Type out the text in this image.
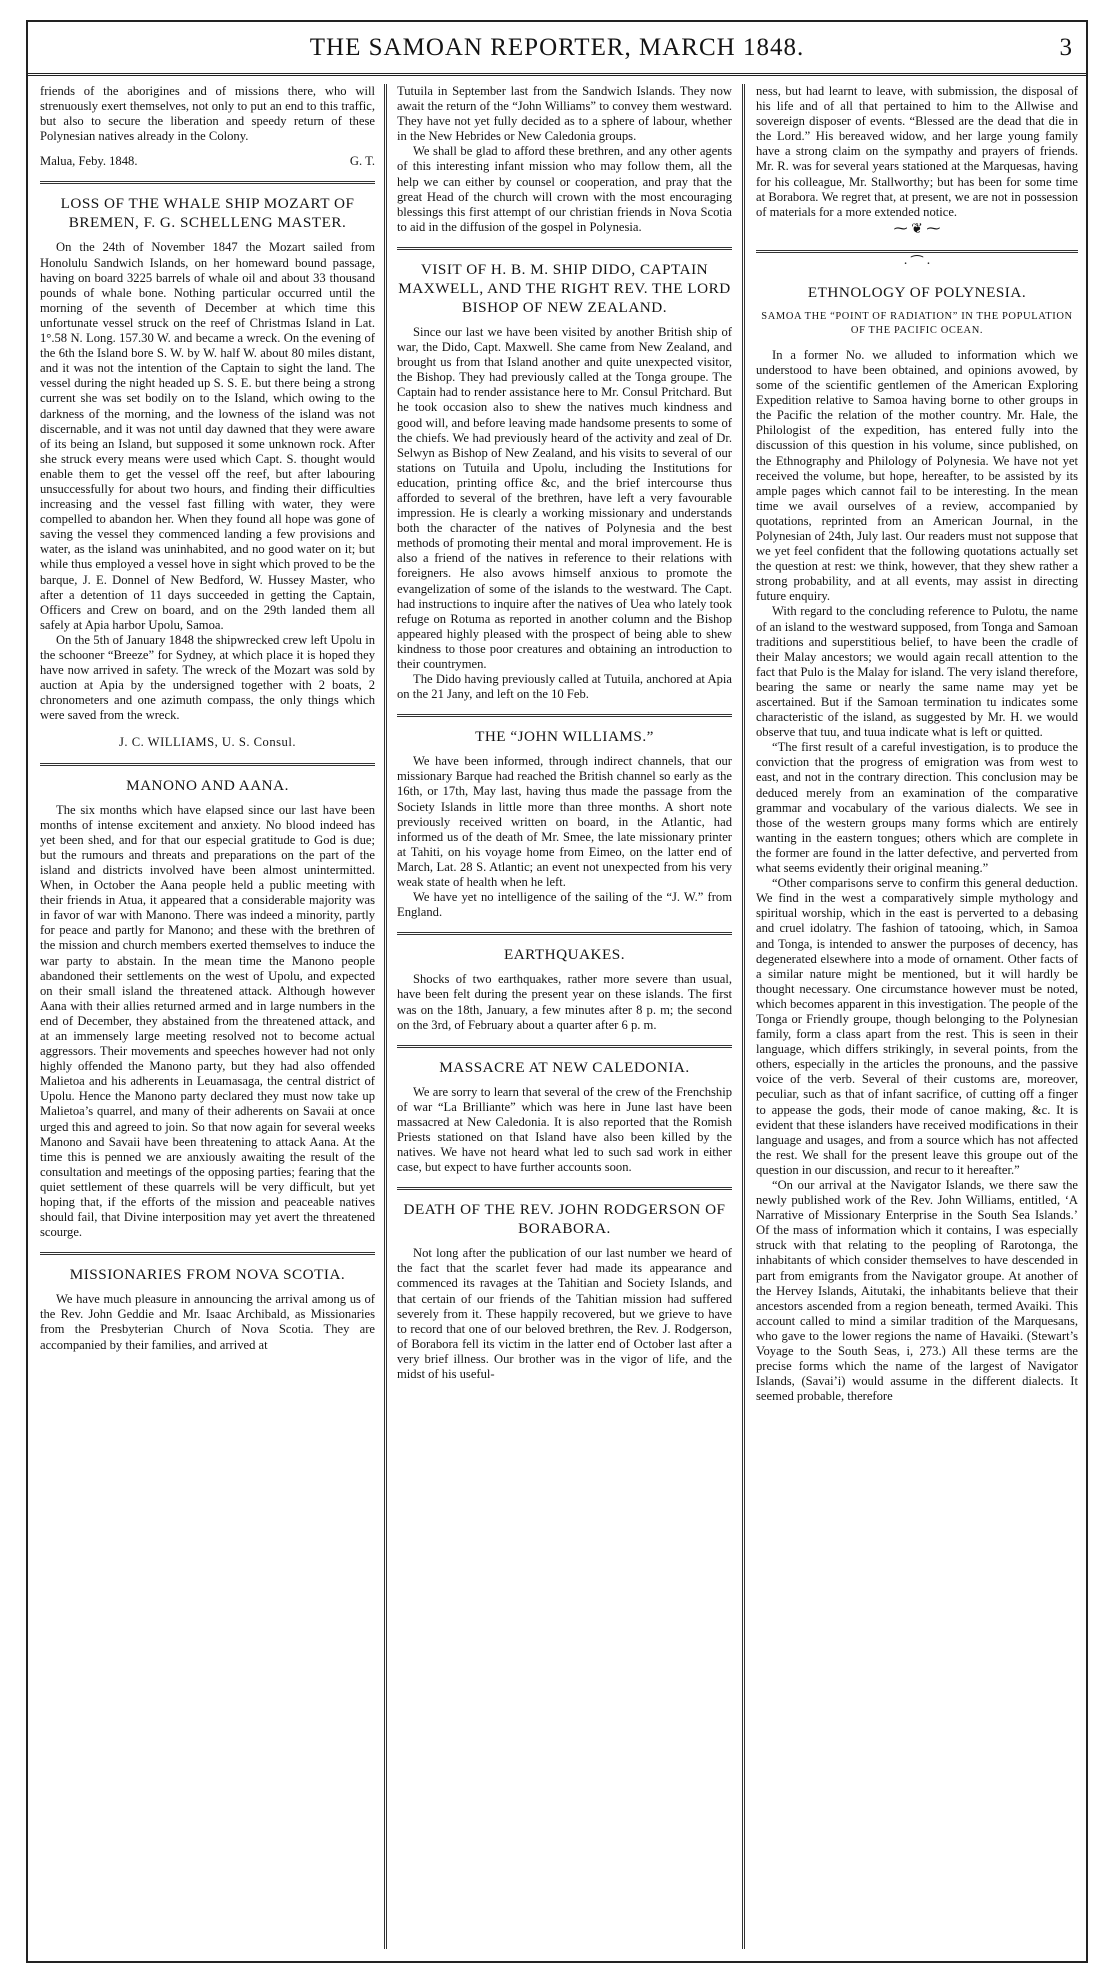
THE SAMOAN REPORTER, MARCH 1848.	3

friends of the aborigines and of missions there, who will strenuously exert themselves, not only to put an end to this traffic, but also to secure the liberation and speedy return of these Polynesian natives already in the Colony.

Malua, Feby. 1848.	G. T.
LOSS OF THE WHALE SHIP MOZART OF BREMEN, F. G. SCHELLENG MASTER.

On the 24th of November 1847 the Mozart sailed from Honolulu Sandwich Islands, on her homeward bound passage, having on board 3225 barrels of whale oil and about 33 thousand pounds of whale bone. Nothing particular occurred until the morning of the seventh of December at which time this unfortunate vessel struck on the reef of Christmas Island in Lat. 1°.58 N. Long. 157.30 W. and became a wreck. On the evening of the 6th the Island bore S. W. by W. half W. about 80 miles distant, and it was not the intention of the Captain to sight the land. The vessel during the night headed up S. S. E. but there being a strong current she was set bodily on to the Island, which owing to the darkness of the morning, and the lowness of the island was not discernable, and it was not until day dawned that they were aware of its being an Island, but supposed it some unknown rock. After she struck every means were used which Capt. S. thought would enable them to get the vessel off the reef, but after labouring unsuccessfully for about two hours, and finding their difficulties increasing and the vessel fast filling with water, they were compelled to abandon her. When they found all hope was gone of saving the vessel they commenced landing a few provisions and water, as the island was uninhabited, and no good water on it; but while thus employed a vessel hove in sight which proved to be the barque, J. E. Donnel of New Bedford, W. Hussey Master, who after a detention of 11 days succeeded in getting the Captain, Officers and Crew on board, and on the 29th landed them all safely at Apia harbor Upolu, Samoa.

On the 5th of January 1848 the shipwrecked crew left Upolu in the schooner “Breeze” for Sydney, at which place it is hoped they have now arrived in safety. The wreck of the Mozart was sold by auction at Apia by the undersigned together with 2 boats, 2 chronometers and one azimuth compass, the only things which were saved from the wreck.

J. C. WILLIAMS, U. S. Consul.

MANONO AND AANA.

The six months which have elapsed since our last have been months of intense excitement and anxiety. No blood indeed has yet been shed, and for that our especial gratitude to God is due; but the rumours and threats and preparations on the part of the island and districts involved have been almost unintermitted. When, in October the Aana people held a public meeting with their friends in Atua, it appeared that a considerable majority was in favor of war with Manono. There was indeed a minority, partly for peace and partly for Manono; and these with the brethren of the mission and church members exerted themselves to induce the war party to abstain. In the mean time the Manono people abandoned their settlements on the west of Upolu, and expected on their small island the threatened attack. Although however Aana with their allies returned armed and in large numbers in the end of December, they abstained from the threatened attack, and at an immensely large meeting resolved not to become actual aggressors. Their movements and speeches however had not only highly offended the Manono party, but they had also offended Malietoa and his adherents in Leuamasaga, the central district of Upolu. Hence the Manono party declared they must now take up Malietoa’s quarrel, and many of their adherents on Savaii at once urged this and agreed to join. So that now again for several weeks Manono and Savaii have been threatening to attack Aana. At the time this is penned we are anxiously awaiting the result of the consultation and meetings of the opposing parties; fearing that the quiet settlement of these quarrels will be very difficult, but yet hoping that, if the efforts of the mission and peaceable natives should fail, that Divine interposition may yet avert the threatened scourge.

MISSIONARIES FROM NOVA SCOTIA.

We have much pleasure in announcing the arrival among us of the Rev. John Geddie and Mr. Isaac Archibald, as Missionaries from the Presbyterian Church of Nova Scotia. They are accompanied by their families, and arrived at

Tutuila in September last from the Sandwich Islands. They now await the return of the “John Williams” to convey them westward. They have not yet fully decided as to a sphere of labour, whether in the New Hebrides or New Caledonia groups.

We shall be glad to afford these brethren, and any other agents of this interesting infant mission who may follow them, all the help we can either by counsel or cooperation, and pray that the great Head of the church will crown with the most encouraging blessings this first attempt of our christian friends in Nova Scotia to aid in the diffusion of the gospel in Polynesia.

VISIT OF H. B. M. SHIP DIDO, CAPTAIN MAXWELL, AND THE RIGHT REV. THE LORD BISHOP OF NEW ZEALAND.

Since our last we have been visited by another British ship of war, the Dido, Capt. Maxwell. She came from New Zealand, and brought us from that Island another and quite unexpected visitor, the Bishop. They had previously called at the Tonga groupe. The Captain had to render assistance here to Mr. Consul Pritchard. But he took occasion also to shew the natives much kindness and good will, and before leaving made handsome presents to some of the chiefs. We had previously heard of the activity and zeal of Dr. Selwyn as Bishop of New Zealand, and his visits to several of our stations on Tutuila and Upolu, including the Institutions for education, printing office &c, and the brief intercourse thus afforded to several of the brethren, have left a very favourable impression. He is clearly a working missionary and understands both the character of the natives of Polynesia and the best methods of promoting their mental and moral improvement. He is also a friend of the natives in reference to their relations with foreigners. He also avows himself anxious to promote the evangelization of some of the islands to the westward. The Capt. had instructions to inquire after the natives of Uea who lately took refuge on Rotuma as reported in another column and the Bishop appeared highly pleased with the prospect of being able to shew kindness to those poor creatures and obtaining an introduction to their countrymen.

The Dido having previously called at Tutuila, anchored at Apia on the 21 Jany, and left on the 10 Feb.

THE “JOHN WILLIAMS.”

We have been informed, through indirect channels, that our missionary Barque had reached the British channel so early as the 16th, or 17th, May last, having thus made the passage from the Society Islands in little more than three months. A short note previously received written on board, in the Atlantic, had informed us of the death of Mr. Smee, the late missionary printer at Tahiti, on his voyage home from Eimeo, on the latter end of March, Lat. 28 S. Atlantic; an event not unexpected from his very weak state of health when he left.

We have yet no intelligence of the sailing of the “J. W.” from England.

EARTHQUAKES.

Shocks of two earthquakes, rather more severe than usual, have been felt during the present year on these islands. The first was on the 18th, January, a few minutes after 8 p. m; the second on the 3rd, of February about a quarter after 6 p. m.

MASSACRE AT NEW CALEDONIA.

We are sorry to learn that several of the crew of the Frenchship of war “La Brilliante” which was here in June last have been massacred at New Caledonia. It is also reported that the Romish Priests stationed on that Island have also been killed by the natives. We have not heard what led to such sad work in either case, but expect to have further accounts soon.

DEATH OF THE REV. JOHN RODGERSON OF BORABORA.

Not long after the publication of our last number we heard of the fact that the scarlet fever had made its appearance and commenced its ravages at the Tahitian and Society Islands, and that certain of our friends of the Tahitian mission had suffered severely from it. These happily recovered, but we grieve to have to record that one of our beloved brethren, the Rev. J. Rodgerson, of Borabora fell its victim in the latter end of October last after a very brief illness. Our brother was in the vigor of life, and the midst of his useful-

ness, but had learnt to leave, with submission, the disposal of his life and of all that pertained to him to the Allwise and sovereign disposer of events. “Blessed are the dead that die in the Lord.” His bereaved widow, and her large young family have a strong claim on the sympathy and prayers of friends. Mr. R. was for several years stationed at the Marquesas, having for his colleague, Mr. Stallworthy; but has been for some time at Borabora. We regret that, at present, we are not in possession of materials for a more extended notice.

⁓ ❦ ⁓
· ⁀ ·
ETHNOLOGY OF POLYNESIA.
SAMOA THE “POINT OF RADIATION” IN THE POPULATION OF THE PACIFIC OCEAN.

In a former No. we alluded to information which we understood to have been obtained, and opinions avowed, by some of the scientific gentlemen of the American Exploring Expedition relative to Samoa having borne to other groups in the Pacific the relation of the mother country. Mr. Hale, the Philologist of the expedition, has entered fully into the discussion of this question in his volume, since published, on the Ethnography and Philology of Polynesia. We have not yet received the volume, but hope, hereafter, to be assisted by its ample pages which cannot fail to be interesting. In the mean time we avail ourselves of a review, accompanied by quotations, reprinted from an American Journal, in the Polynesian of 24th, July last. Our readers must not suppose that we yet feel confident that the following quotations actually set the question at rest: we think, however, that they shew rather a strong probability, and at all events, may assist in directing future enquiry.

With regard to the concluding reference to Pulotu, the name of an island to the westward supposed, from Tonga and Samoan traditions and superstitious belief, to have been the cradle of their Malay ancestors; we would again recall attention to the fact that Pulo is the Malay for island. The very island therefore, bearing the same or nearly the same name may yet be ascertained. But if the Samoan termination tu indicates some characteristic of the island, as suggested by Mr. H. we would observe that tuu, and tuua indicate what is left or quitted.

“The first result of a careful investigation, is to produce the conviction that the progress of emigration was from west to east, and not in the contrary direction. This conclusion may be deduced merely from an examination of the comparative grammar and vocabulary of the various dialects. We see in those of the western groups many forms which are entirely wanting in the eastern tongues; others which are complete in the former are found in the latter defective, and perverted from what seems evidently their original meaning.”

“Other comparisons serve to confirm this general deduction. We find in the west a comparatively simple mythology and spiritual worship, which in the east is perverted to a debasing and cruel idolatry. The fashion of tatooing, which, in Samoa and Tonga, is intended to answer the purposes of decency, has degenerated elsewhere into a mode of ornament. Other facts of a similar nature might be mentioned, but it will hardly be thought necessary. One circumstance however must be noted, which becomes apparent in this investigation. The people of the Tonga or Friendly groupe, though belonging to the Polynesian family, form a class apart from the rest. This is seen in their language, which differs strikingly, in several points, from the others, especially in the articles the pronouns, and the passive voice of the verb. Several of their customs are, moreover, peculiar, such as that of infant sacrifice, of cutting off a finger to appease the gods, their mode of canoe making, &c. It is evident that these islanders have received modifications in their language and usages, and from a source which has not affected the rest. We shall for the present leave this groupe out of the question in our discussion, and recur to it hereafter.”

“On our arrival at the Navigator Islands, we there saw the newly published work of the Rev. John Williams, entitled, ‘A Narrative of Missionary Enterprise in the South Sea Islands.’ Of the mass of information which it contains, I was especially struck with that relating to the peopling of Rarotonga, the inhabitants of which consider themselves to have descended in part from emigrants from the Navigator groupe. At another of the Hervey Islands, Aitutaki, the inhabitants believe that their ancestors ascended from a region beneath, termed Avaiki. This account called to mind a similar tradition of the Marquesans, who gave to the lower regions the name of Havaiki. (Stewart’s Voyage to the South Seas, i, 273.) All these terms are the precise forms which the name of the largest of Navigator Islands, (Savai’i) would assume in the different dialects. It seemed probable, therefore
